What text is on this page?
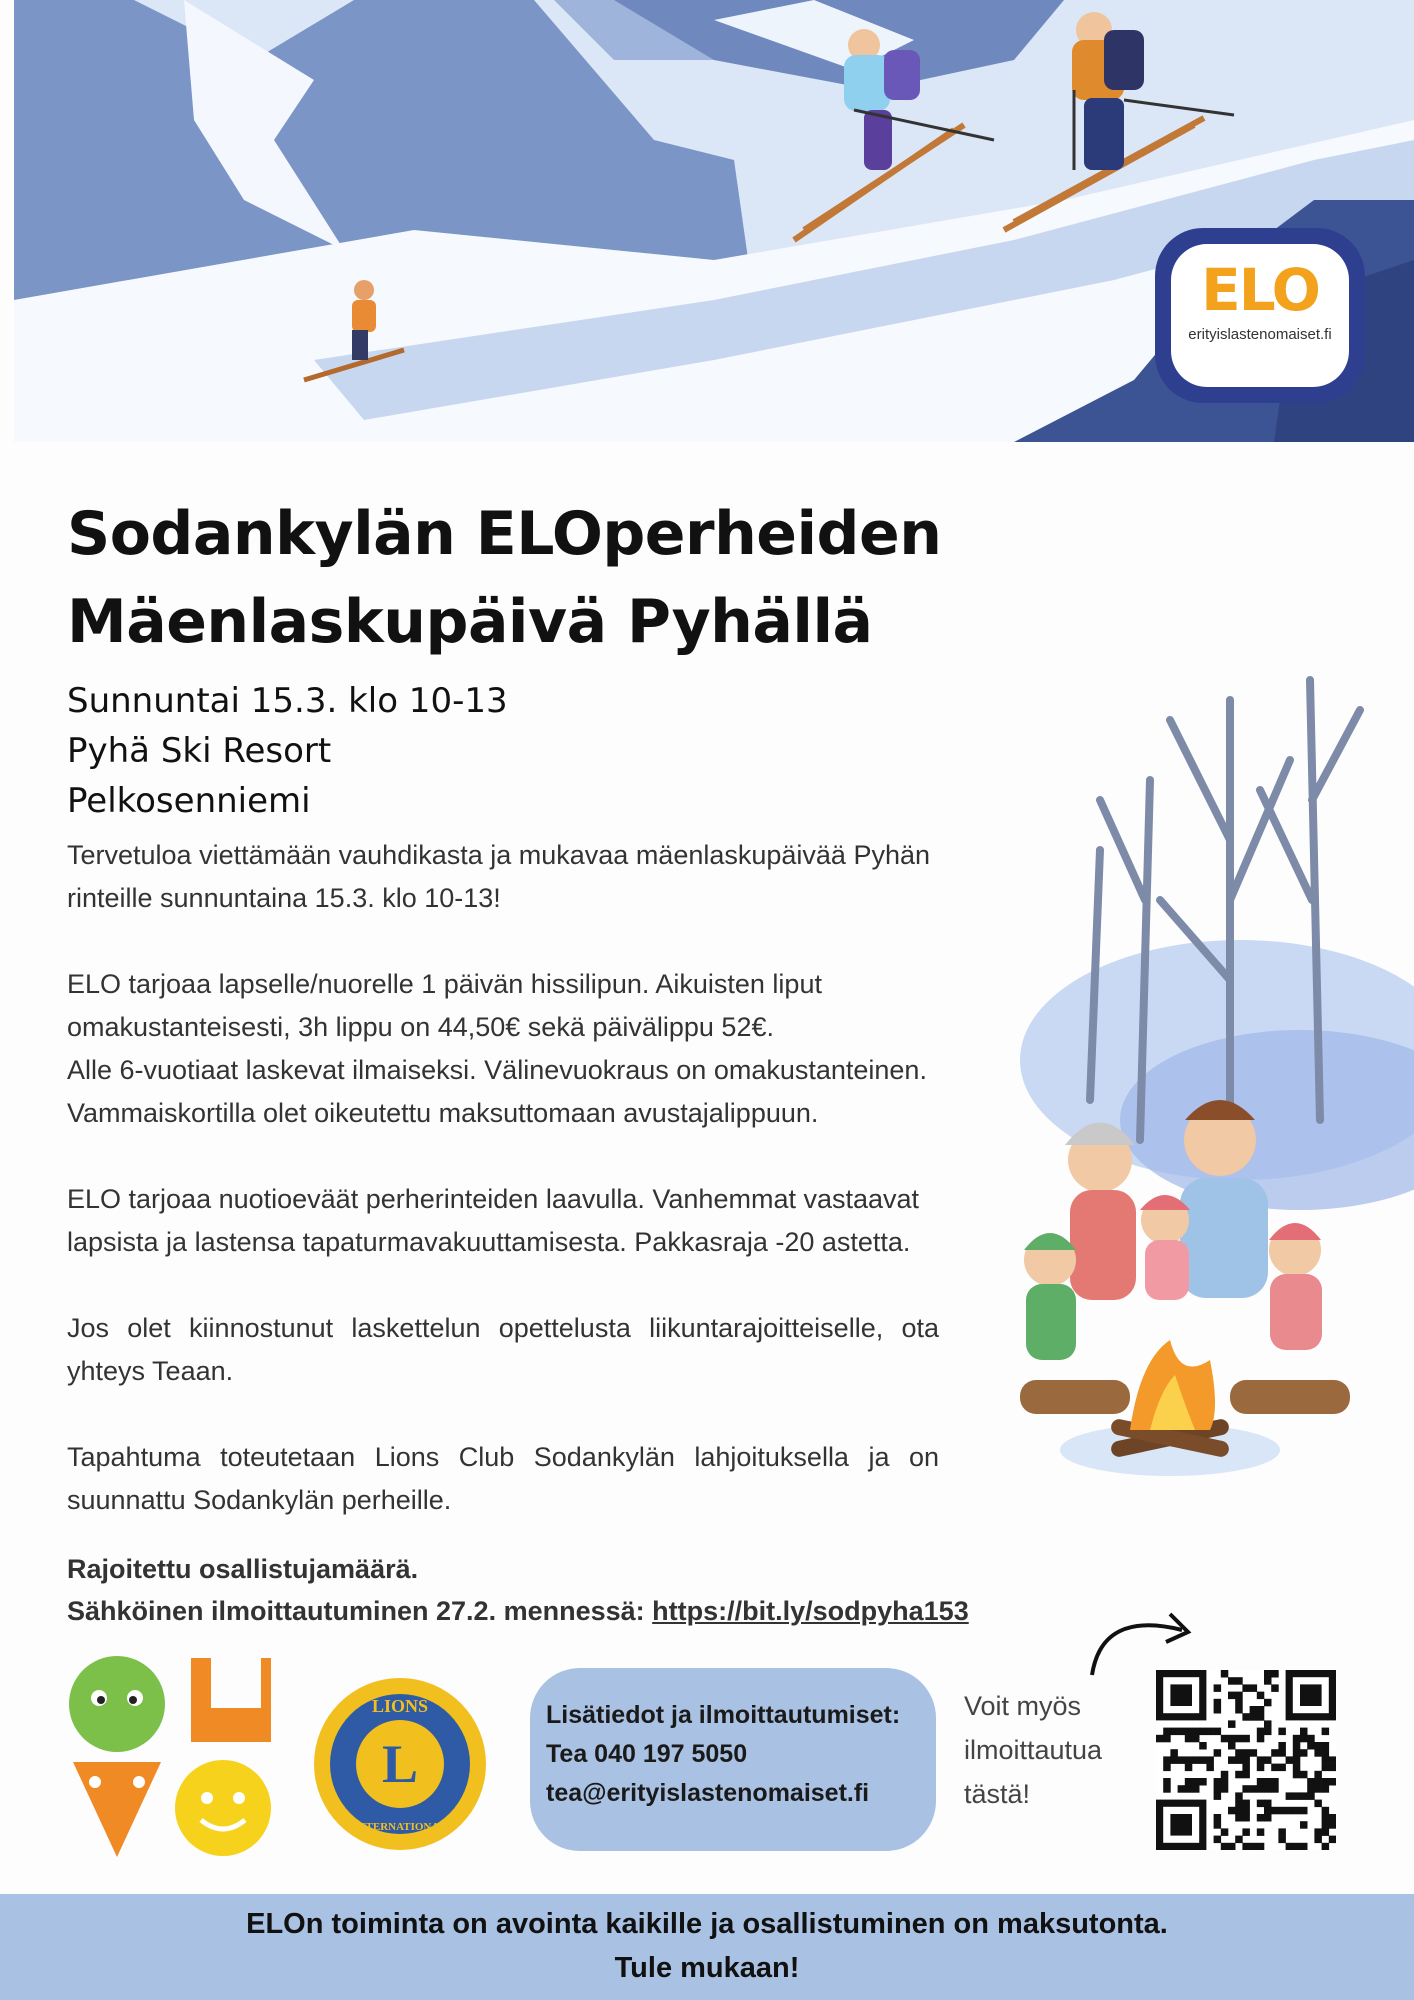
ELO
erityislastenomaiset.fi
Sodankylän ELOperheiden
Mäenlaskupäivä Pyhällä
Sunnuntai 15.3. klo 10-13
Pyhä Ski Resort
Pelkosenniemi

Tervetuloa viettämään vauhdikasta ja mukavaa mäenlaskupäivää Pyhän rinteille sunnuntaina 15.3. klo 10-13!

ELO tarjoaa lapselle/nuorelle 1 päivän hissilipun. Aikuisten liput omakustanteisesti, 3h lippu on 44,50€ sekä päivälippu 52€.
Alle 6-vuotiaat laskevat ilmaiseksi. Välinevuokraus on omakustanteinen.
Vammaiskortilla olet oikeutettu maksuttomaan avustajalippuun.

ELO tarjoaa nuotioeväät perherinteiden laavulla. Vanhemmat vastaavat lapsista ja lastensa tapaturmavakuuttamisesta. Pakkasraja -20 astetta.

Jos olet kiinnostunut laskettelun opettelusta liikuntarajoitteiselle, ota yhteys Teaan.

Tapahtuma toteutetaan Lions Club Sodankylän lahjoituksella ja on suunnattu Sodankylän perheille.

Rajoitettu osallistujamäärä.
Sähköinen ilmoittautuminen 27.2. mennessä: https://bit.ly/sodpyha153
L
LIONS
INTERNATIONAL
Lisätiedot ja ilmoittautumiset:
Tea 040 197 5050
tea@erityislastenomaiset.fi
Voit myös
ilmoittautua
tästä!
ELOn toiminta on avointa kaikille ja osallistuminen on maksutonta.
Tule mukaan!
